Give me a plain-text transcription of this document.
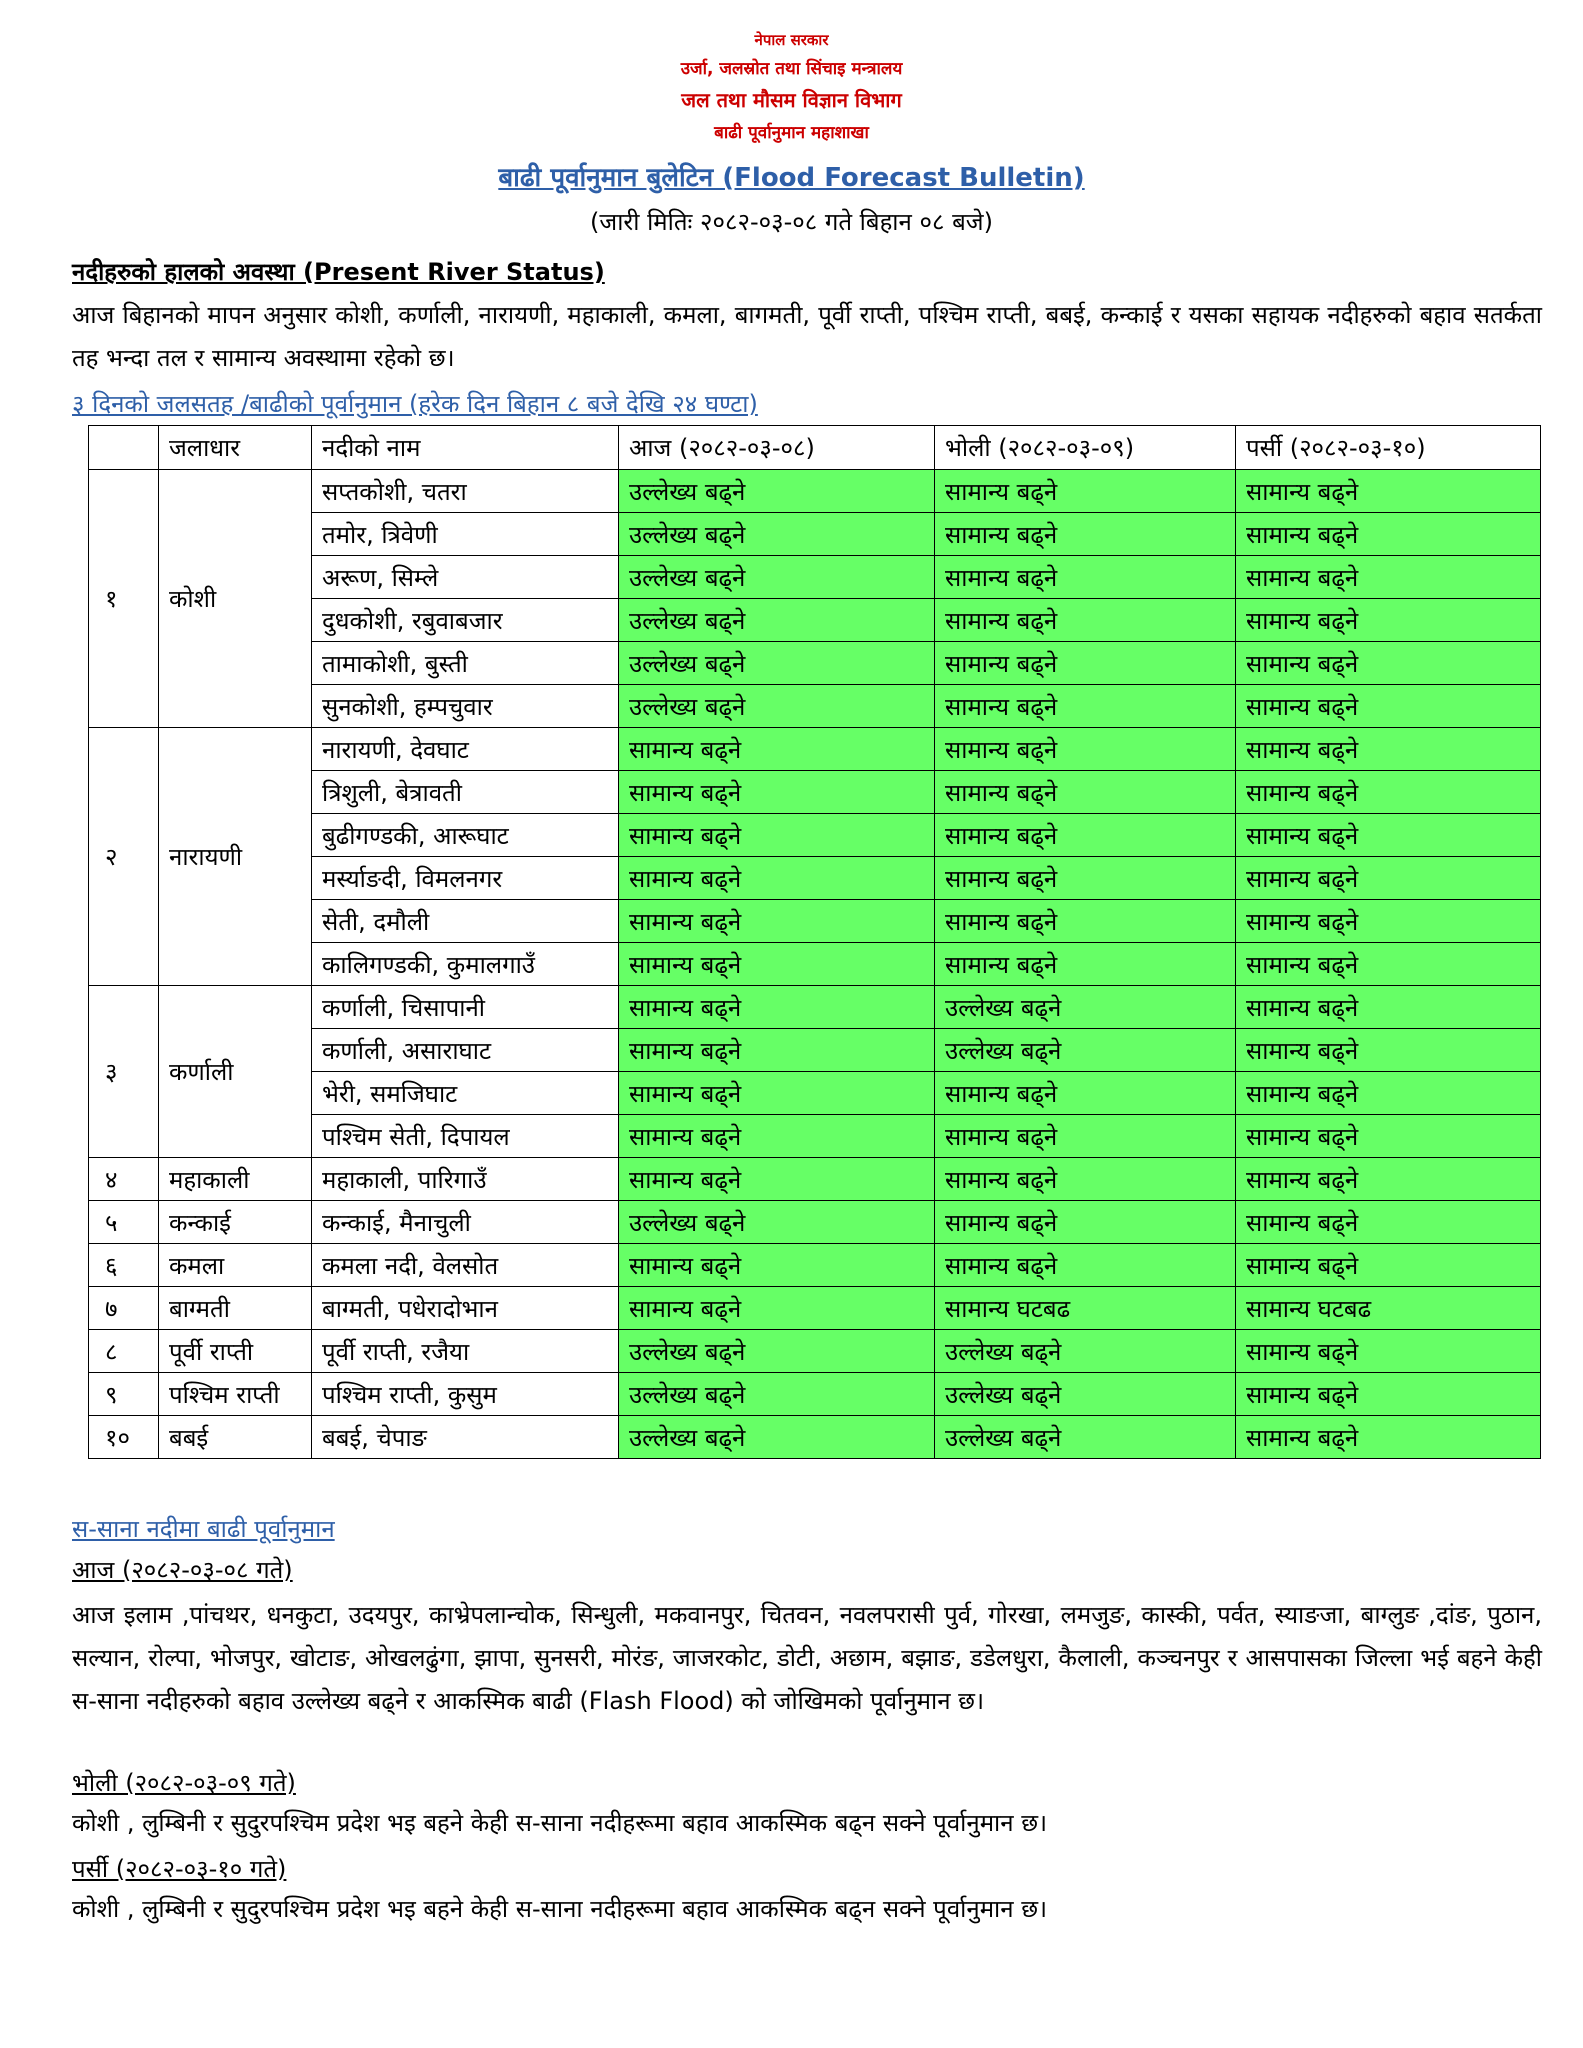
नेपाल सरकार
उर्जा, जलस्रोत तथा सिंचाइ मन्त्रालय
जल तथा मौसम विज्ञान विभाग
बाढी पूर्वानुमान महाशाखा
बाढी पूर्वानुमान बुलेटिन (Flood Forecast Bulletin)
(जारी मितिः २०८२-०३-०८ गते बिहान ०८ बजे)
नदीहरुको हालको अवस्था (Present River Status)
आज बिहानको मापन अनुसार कोशी, कर्णाली, नारायणी, महाकाली, कमला, बागमती, पूर्वी राप्ती, पश्चिम राप्ती, बबई, कन्काई र यसका सहायक नदीहरुको बहाव सतर्कता तह भन्दा तल र सामान्य अवस्थामा रहेको छ।
३ दिनको जलसतह /बाढीको पूर्वानुमान (हरेक दिन बिहान ८ बजे देखि २४ घण्टा)
	जलाधार	नदीको नाम	आज (२०८२-०३-०८)	भोली (२०८२-०३-०९)	पर्सी (२०८२-०३-१०)
१	कोशी	सप्तकोशी, चतरा	उल्लेख्य बढ्ने	सामान्य बढ्ने	सामान्य बढ्ने
		तमोर, त्रिवेणी	उल्लेख्य बढ्ने	सामान्य बढ्ने	सामान्य बढ्ने
		अरूण, सिम्ले	उल्लेख्य बढ्ने	सामान्य बढ्ने	सामान्य बढ्ने
		दुधकोशी, रबुवाबजार	उल्लेख्य बढ्ने	सामान्य बढ्ने	सामान्य बढ्ने
		तामाकोशी, बुस्ती	उल्लेख्य बढ्ने	सामान्य बढ्ने	सामान्य बढ्ने
		सुनकोशी, हम्पचुवार	उल्लेख्य बढ्ने	सामान्य बढ्ने	सामान्य बढ्ने
२	नारायणी	नारायणी, देवघाट	सामान्य बढ्ने	सामान्य बढ्ने	सामान्य बढ्ने
		त्रिशुली, बेत्रावती	सामान्य बढ्ने	सामान्य बढ्ने	सामान्य बढ्ने
		बुढीगण्डकी, आरूघाट	सामान्य बढ्ने	सामान्य बढ्ने	सामान्य बढ्ने
		मर्स्याङदी, विमलनगर	सामान्य बढ्ने	सामान्य बढ्ने	सामान्य बढ्ने
		सेती, दमौली	सामान्य बढ्ने	सामान्य बढ्ने	सामान्य बढ्ने
		कालिगण्डकी, कुमालगाउँ	सामान्य बढ्ने	सामान्य बढ्ने	सामान्य बढ्ने
३	कर्णाली	कर्णाली, चिसापानी	सामान्य बढ्ने	उल्लेख्य बढ्ने	सामान्य बढ्ने
		कर्णाली, असाराघाट	सामान्य बढ्ने	उल्लेख्य बढ्ने	सामान्य बढ्ने
		भेरी, समजिघाट	सामान्य बढ्ने	सामान्य बढ्ने	सामान्य बढ्ने
		पश्चिम सेती, दिपायल	सामान्य बढ्ने	सामान्य बढ्ने	सामान्य बढ्ने
४	महाकाली	महाकाली, पारिगाउँ	सामान्य बढ्ने	सामान्य बढ्ने	सामान्य बढ्ने
५	कन्काई	कन्काई, मैनाचुली	उल्लेख्य बढ्ने	सामान्य बढ्ने	सामान्य बढ्ने
६	कमला	कमला नदी, वेलसोत	सामान्य बढ्ने	सामान्य बढ्ने	सामान्य बढ्ने
७	बाग्मती	बाग्मती, पधेरादोभान	सामान्य बढ्ने	सामान्य घटबढ	सामान्य घटबढ
८	पूर्वी राप्ती	पूर्वी राप्ती, रजैया	उल्लेख्य बढ्ने	उल्लेख्य बढ्ने	सामान्य बढ्ने
९	पश्चिम राप्ती	पश्चिम राप्ती, कुसुम	उल्लेख्य बढ्ने	उल्लेख्य बढ्ने	सामान्य बढ्ने
१०	बबई	बबई, चेपाङ	उल्लेख्य बढ्ने	उल्लेख्य बढ्ने	सामान्य बढ्ने
स-साना नदीमा बाढी पूर्वानुमान
आज (२०८२-०३-०८ गते)
आज इलाम ,पांचथर, धनकुटा, उदयपुर, काभ्रेपलान्चोक, सिन्धुली, मकवानपुर, चितवन, नवलपरासी पुर्व, गोरखा, लमजुङ, कास्की, पर्वत, स्याङजा, बाग्लुङ ,दांङ, पुठान, सल्यान, रोल्पा, भोजपुर, खोटाङ, ओखलढुंगा, झापा, सुनसरी, मोरंङ, जाजरकोट, डोटी, अछाम, बझाङ, डडेलधुरा, कैलाली, कञ्चनपुर र आसपासका जिल्ला भई बहने केही स-साना नदीहरुको बहाव उल्लेख्य बढ्ने र आकस्मिक बाढी (Flash Flood) को जोखिमको पूर्वानुमान छ।
भोली (२०८२-०३-०९ गते)
कोशी , लुम्बिनी र सुदुरपश्चिम प्रदेश भइ बहने केही स-साना नदीहरूमा बहाव आकस्मिक बढ्न सक्ने पूर्वानुमान छ।
पर्सी (२०८२-०३-१० गते)
कोशी , लुम्बिनी र सुदुरपश्चिम प्रदेश भइ बहने केही स-साना नदीहरूमा बहाव आकस्मिक बढ्न सक्ने पूर्वानुमान छ।
